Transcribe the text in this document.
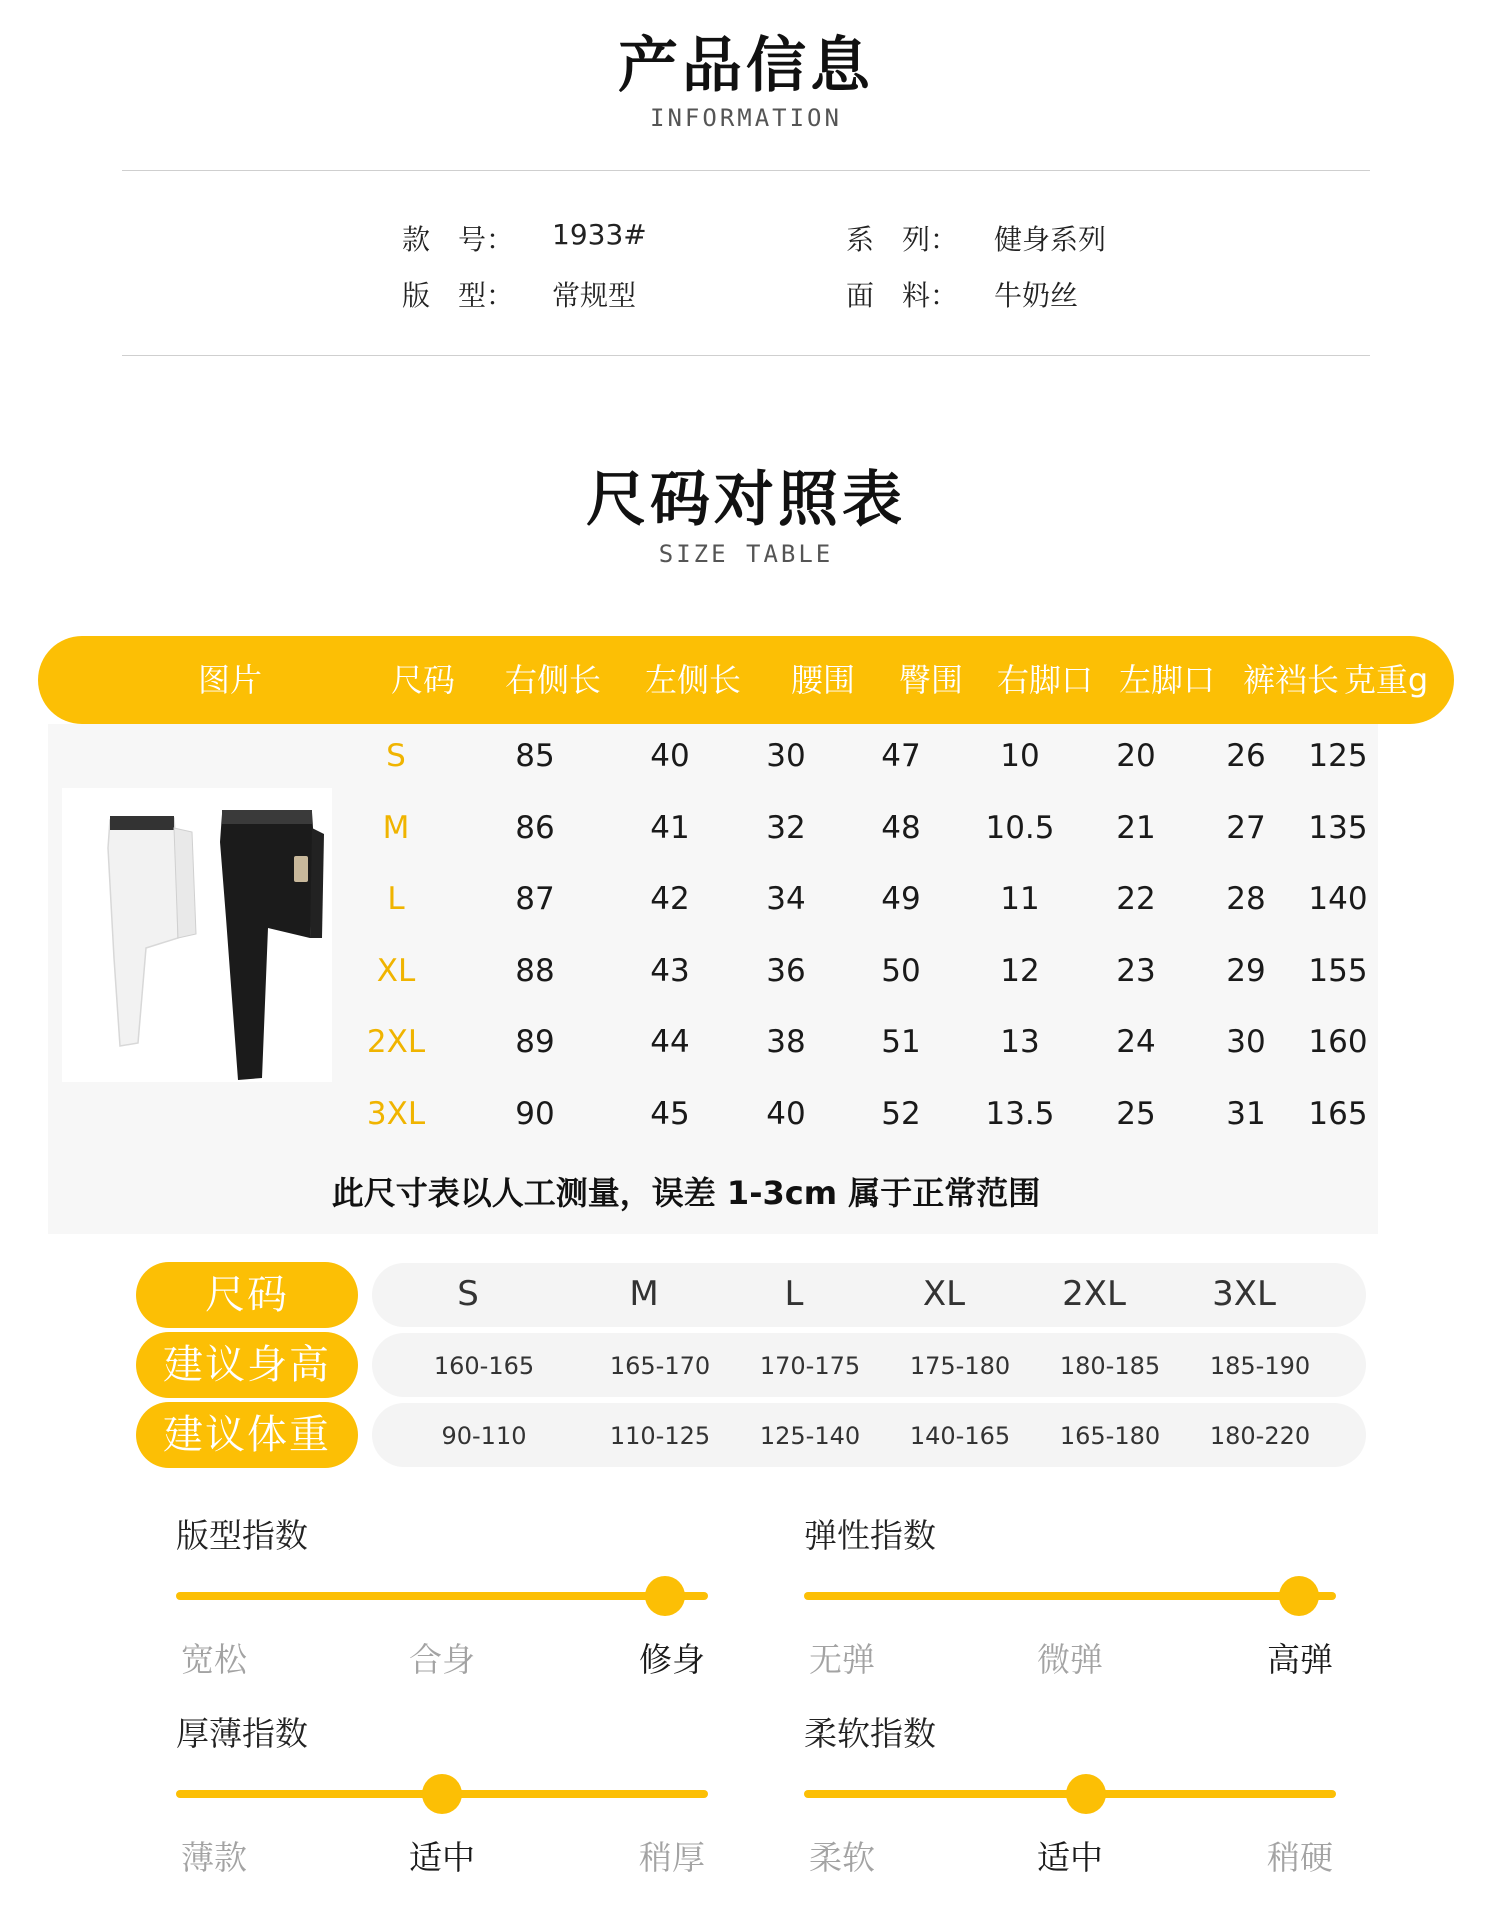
产品信息
INFORMATION
款　号： 1933#	系　列： 健身系列
版　型： 常规型	面　料： 牛奶丝
尺码对照表
SIZE TABLE
图片	尺码	右侧长	左侧长	腰围	臀围	右脚口 左脚口 裤裆长 克重g
S	85	40	30	47	10	20	26	125
M	86	41	32	48	10.5	21	27	135
L	87	42	34	49	11	22	28	140
XL	88	43	36	50	12	23	29	155
2XL	89	44	38	51	13	24	30	160
3XL	90	45	40	52	13.5	25	31	165
此尺寸表以人工测量，误差 1-3cm 属于正常范围
尺码	S	M	L	XL	2XL	3XL
建议身高	160-165	165-170	170-175	175-180	180-185	185-190
建议体重	90-110	110-125	125-140	140-165	165-180	180-220
版型指数
宽松	合身	修身
弹性指数
无弹	微弹	高弹
厚薄指数
薄款	适中	稍厚
柔软指数
柔软	适中	稍硬
